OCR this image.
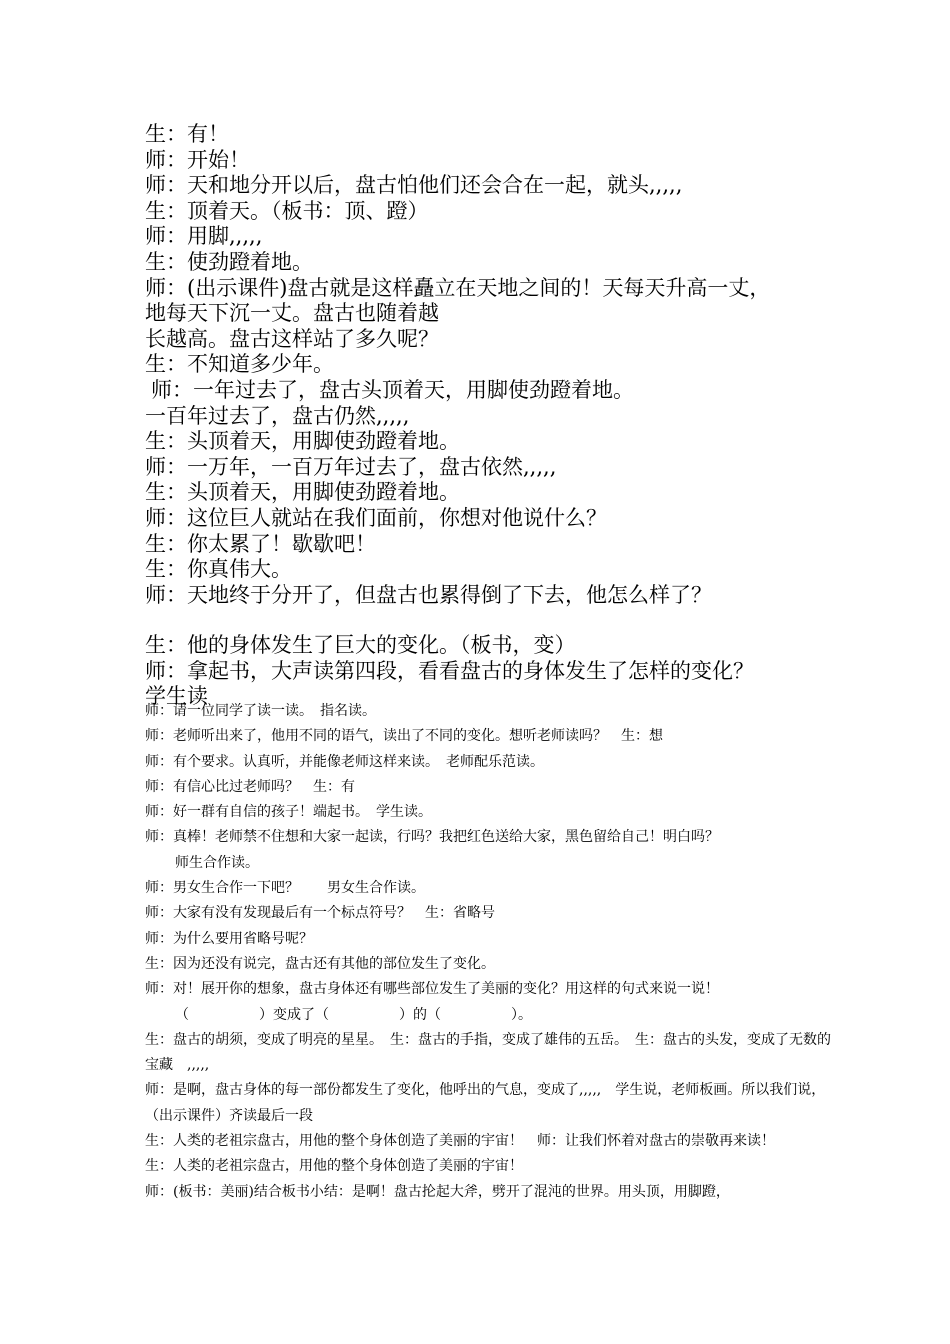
生：有！

师：开始！

师：天和地分开以后，盘古怕他们还会合在一起，就头,,,,,

生：顶着天。（板书：顶、蹬）

师：用脚,,,,,

生：使劲蹬着地。

师：(出示课件)盘古就是这样矗立在天地之间的！天每天升高一丈，

地每天下沉一丈。盘古也随着越

长越高。盘古这样站了多久呢？

生：不知道多少年。

师：一年过去了，盘古头顶着天，用脚使劲蹬着地。

一百年过去了，盘古仍然,,,,,

生：头顶着天，用脚使劲蹬着地。

师：一万年，一百万年过去了，盘古依然,,,,,

生：头顶着天，用脚使劲蹬着地。

师：这位巨人就站在我们面前，你想对他说什么？

生：你太累了！歇歇吧！

生：你真伟大。

师：天地终于分开了，但盘古也累得倒了下去，他怎么样了？

生：他的身体发生了巨大的变化。（板书，变）

师：拿起书，大声读第四段，看看盘古的身体发生了怎样的变化？

学生读

师：请一位同学了读一读。　指名读。

师：老师听出来了，他用不同的语气，读出了不同的变化。想听老师读吗？　生：想

师：有个要求。认真听，并能像老师这样来读。　老师配乐范读。

师：有信心比过老师吗？　生：有

师：好一群有自信的孩子！端起书。　学生读。

师：真棒！老师禁不住想和大家一起读，行吗？我把红色送给大家，黑色留给自己！明白吗？

师生合作读。

师：男女生合作一下吧？　　男女生合作读。

师：大家有没有发现最后有一个标点符号？　生：省略号

师：为什么要用省略号呢？

生：因为还没有说完，盘古还有其他的部位发生了变化。

师：对！展开你的想象，盘古身体还有哪些部位发生了美丽的变化？用这样的句式来说一说！

（　　　　　）变成了（　　　　　）的（　　　　　）。

生：盘古的胡须，变成了明亮的星星。　生：盘古的手指，变成了雄伟的五岳。　生：盘古的头发，变成了无数的宝藏　,,,,,

师：是啊，盘古身体的每一部份都发生了变化，他呼出的气息，变成了,,,,,　学生说，老师板画。所以我们说，（出示课件）齐读最后一段

生：人类的老祖宗盘古，用他的整个身体创造了美丽的宇宙！　师：让我们怀着对盘古的崇敬再来读！

生：人类的老祖宗盘古，用他的整个身体创造了美丽的宇宙！

师：(板书：美丽)结合板书小结：是啊！盘古抡起大斧，劈开了混沌的世界。用头顶，用脚蹬，
